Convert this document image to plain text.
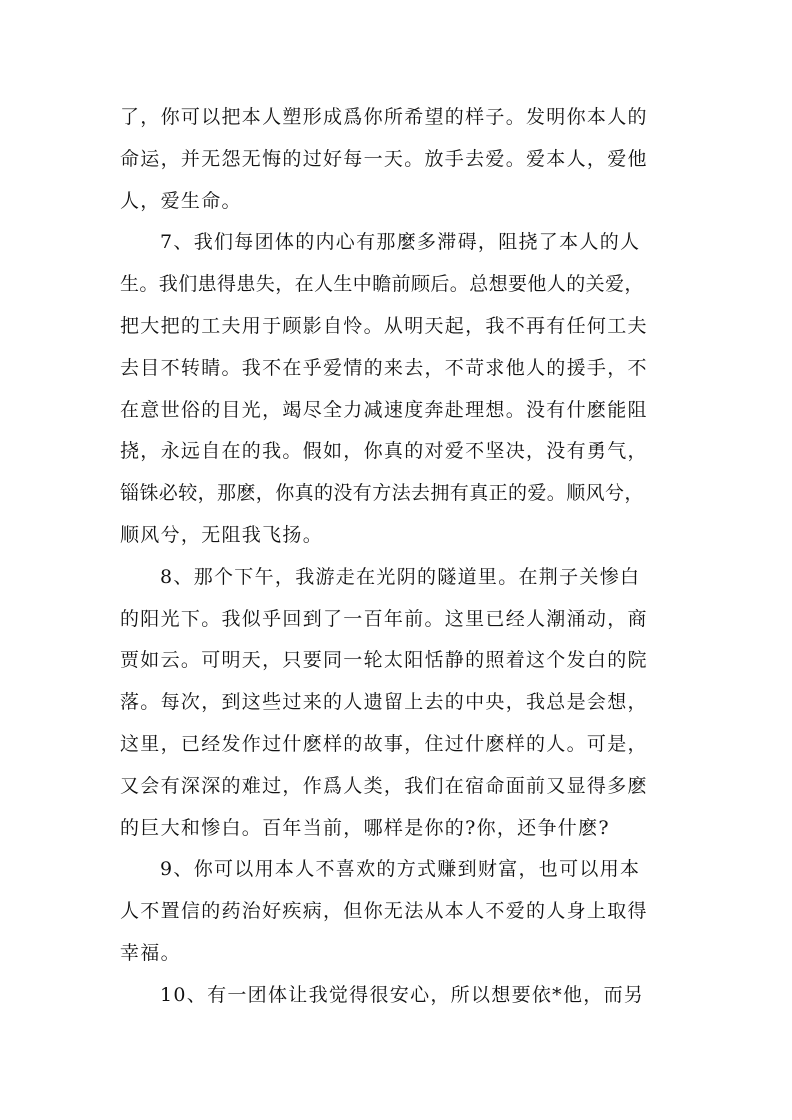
了，你可以把本人塑形成爲你所希望的样子。发明你本人的

命运，并无怨无悔的过好每一天。放手去爱。爱本人，爱他

人，爱生命。

7、我们每团体的内心有那麼多滞碍，阻挠了本人的人

生。我们患得患失，在人生中瞻前顾后。总想要他人的关爱，

把大把的工夫用于顾影自怜。从明天起，我不再有任何工夫

去目不转睛。我不在乎爱情的来去，不苛求他人的援手，不

在意世俗的目光，竭尽全力减速度奔赴理想。没有什麽能阻

挠，永远自在的我。假如，你真的对爱不坚决，没有勇气，

锱铢必较，那麽，你真的没有方法去拥有真正的爱。顺风兮，

顺风兮，无阻我飞扬。

8、那个下午，我游走在光阴的隧道里。在荆子关惨白

的阳光下。我似乎回到了一百年前。这里已经人潮涌动，商

贾如云。可明天，只要同一轮太阳恬静的照着这个发白的院

落。每次，到这些过来的人遗留上去的中央，我总是会想，

这里，已经发作过什麽样的故事，住过什麽样的人。可是，

又会有深深的难过，作爲人类，我们在宿命面前又显得多麽

的巨大和惨白。百年当前，哪样是你的?你，还争什麽?

9、你可以用本人不喜欢的方式赚到财富，也可以用本

人不置信的药治好疾病，但你无法从本人不爱的人身上取得

幸福。

10、有一团体让我觉得很安心，所以想要依*他，而另
